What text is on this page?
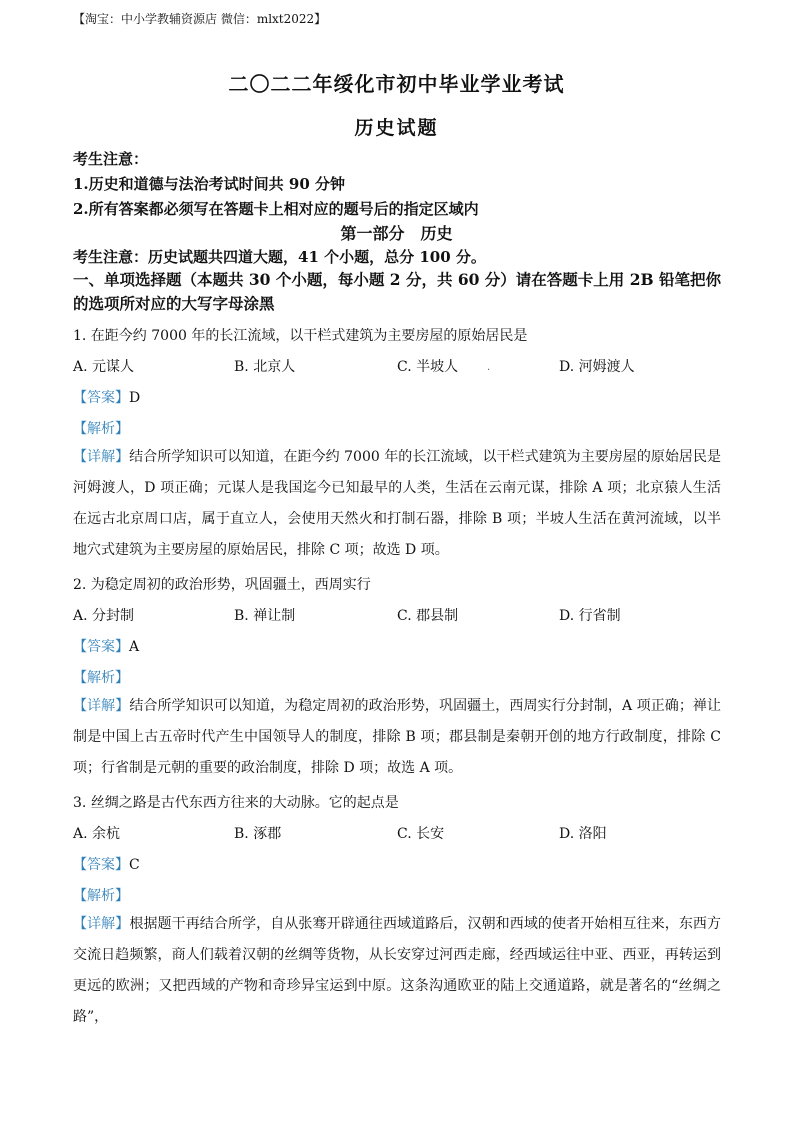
【淘宝：中小学教辅资源店 微信：mlxt2022】
二〇二二年绥化市初中毕业学业考试
历史试题
考生注意：
1.历史和道德与法治考试时间共 90 分钟
2.所有答案都必须写在答题卡上相对应的题号后的指定区域内
第一部分　历史
考生注意：历史试题共四道大题，41 个小题，总分 100 分。
一、单项选择题（本题共 30 个小题，每小题 2 分，共 60 分）请在答题卡上用 2B 铅笔把你的选项所对应的大写字母涂黑
1. 在距今约 7000 年的长江流域，以干栏式建筑为主要房屋的原始居民是
A. 元谋人	B. 北京人	C. 半坡人	D. 河姆渡人
.
【答案】D
【解析】
【详解】结合所学知识可以知道，在距今约 7000 年的长江流域，以干栏式建筑为主要房屋的原始居民是河姆渡人，D 项正确；元谋人是我国迄今已知最早的人类，生活在云南元谋，排除 A 项；北京猿人生活在远古北京周口店，属于直立人，会使用天然火和打制石器，排除 B 项；半坡人生活在黄河流域，以半地穴式建筑为主要房屋的原始居民，排除 C 项；故选 D 项。
2. 为稳定周初的政治形势，巩固疆土，西周实行
A. 分封制	B. 禅让制	C. 郡县制	D. 行省制
【答案】A
【解析】
【详解】结合所学知识可以知道，为稳定周初的政治形势，巩固疆土，西周实行分封制，A 项正确；禅让制是中国上古五帝时代产生中国领导人的制度，排除 B 项；郡县制是秦朝开创的地方行政制度，排除 C 项；行省制是元朝的重要的政治制度，排除 D 项；故选 A 项。
3. 丝绸之路是古代东西方往来的大动脉。它的起点是
A. 余杭	B. 涿郡	C. 长安	D. 洛阳
【答案】C
【解析】
【详解】根据题干再结合所学，自从张骞开辟通往西域道路后，汉朝和西域的使者开始相互往来，东西方交流日趋频繁，商人们载着汉朝的丝绸等货物，从长安穿过河西走廊，经西域运往中亚、西亚，再转运到更远的欧洲；又把西域的产物和奇珍异宝运到中原。这条沟通欧亚的陆上交通道路，就是著名的“丝绸之路”，
